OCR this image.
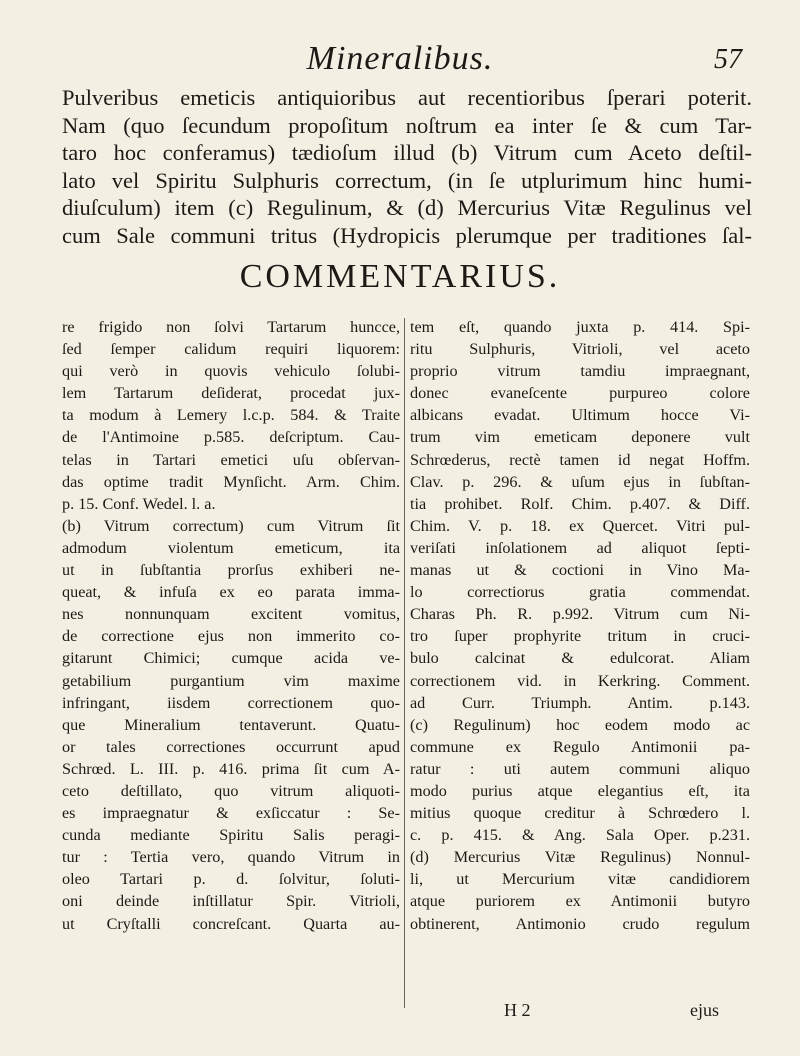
Mineralibus.	57
Pulveribus emeticis antiquioribus aut recentioribus ſperari poterit.
Nam (quo ſecundum propoſitum noſtrum ea inter ſe & cum Tar-
taro hoc conferamus) tædioſum illud (b) Vitrum cum Aceto deſtil-
lato vel Spiritu Sulphuris correctum, (in ſe utplurimum hinc humi-
diuſculum) item (c) Regulinum, & (d) Mercurius Vitæ Regulinus vel
cum Sale communi tritus (Hydropicis plerumque per traditiones ſal-
COMMENTARIUS.
re frigido non ſolvi Tartarum huncce,
ſed ſemper calidum requiri liquorem:
qui verò in quovis vehiculo ſolubi-
lem Tartarum deſiderat, procedat jux-
ta modum à Lemery l.c.p. 584. & Traite
de l'Antimoine p.585. deſcriptum. Cau-
telas in Tartari emetici uſu obſervan-
das optime tradit Mynſicht. Arm. Chim.
p. 15. Conf. Wedel. l. a.
(b) Vitrum correctum) cum Vitrum ſit
admodum violentum emeticum, ita
ut in ſubſtantia prorſus exhiberi ne-
queat, & infuſa ex eo parata imma-
nes nonnunquam excitent vomitus,
de correctione ejus non immerito co-
gitarunt Chimici; cumque acida ve-
getabilium purgantium vim maxime
infringant, iisdem correctionem quo-
que Mineralium tentaverunt. Quatu-
or tales correctiones occurrunt apud
Schrœd. L. III. p. 416. prima ſit cum A-
ceto deſtillato, quo vitrum aliquoti-
es impraegnatur & exſiccatur : Se-
cunda mediante Spiritu Salis peragi-
tur : Tertia vero, quando Vitrum in
oleo Tartari p. d. ſolvitur, ſoluti-
oni deinde inſtillatur Spir. Vitrioli,
ut Cryſtalli concreſcant. Quarta au-
tem eſt, quando juxta p. 414. Spi-
ritu Sulphuris, Vitrioli, vel aceto
proprio vitrum tamdiu impraegnant,
donec evaneſcente purpureo colore
albicans evadat. Ultimum hocce Vi-
trum vim emeticam deponere vult
Schrœderus, rectè tamen id negat Hoffm.
Clav. p. 296. & uſum ejus in ſubſtan-
tia prohibet. Rolf. Chim. p.407. & Diff.
Chim. V. p. 18. ex Quercet. Vitri pul-
veriſati inſolationem ad aliquot ſepti-
manas ut & coctioni in Vino Ma-
lo correctiorus gratia commendat.
Charas Ph. R. p.992. Vitrum cum Ni-
tro ſuper prophyrite tritum in cruci-
bulo calcinat & edulcorat. Aliam
correctionem vid. in Kerkring. Comment.
ad Curr. Triumph. Antim. p.143.
(c) Regulinum) hoc eodem modo ac
commune ex Regulo Antimonii pa-
ratur : uti autem communi aliquo
modo purius atque elegantius eſt, ita
mitius quoque creditur à Schrœdero l.
c. p. 415. & Ang. Sala Oper. p.231.
(d) Mercurius Vitæ Regulinus) Nonnul-
li, ut Mercurium vitæ candidiorem
atque puriorem ex Antimonii butyro
obtinerent, Antimonio crudo regulum
H 2	ejus
